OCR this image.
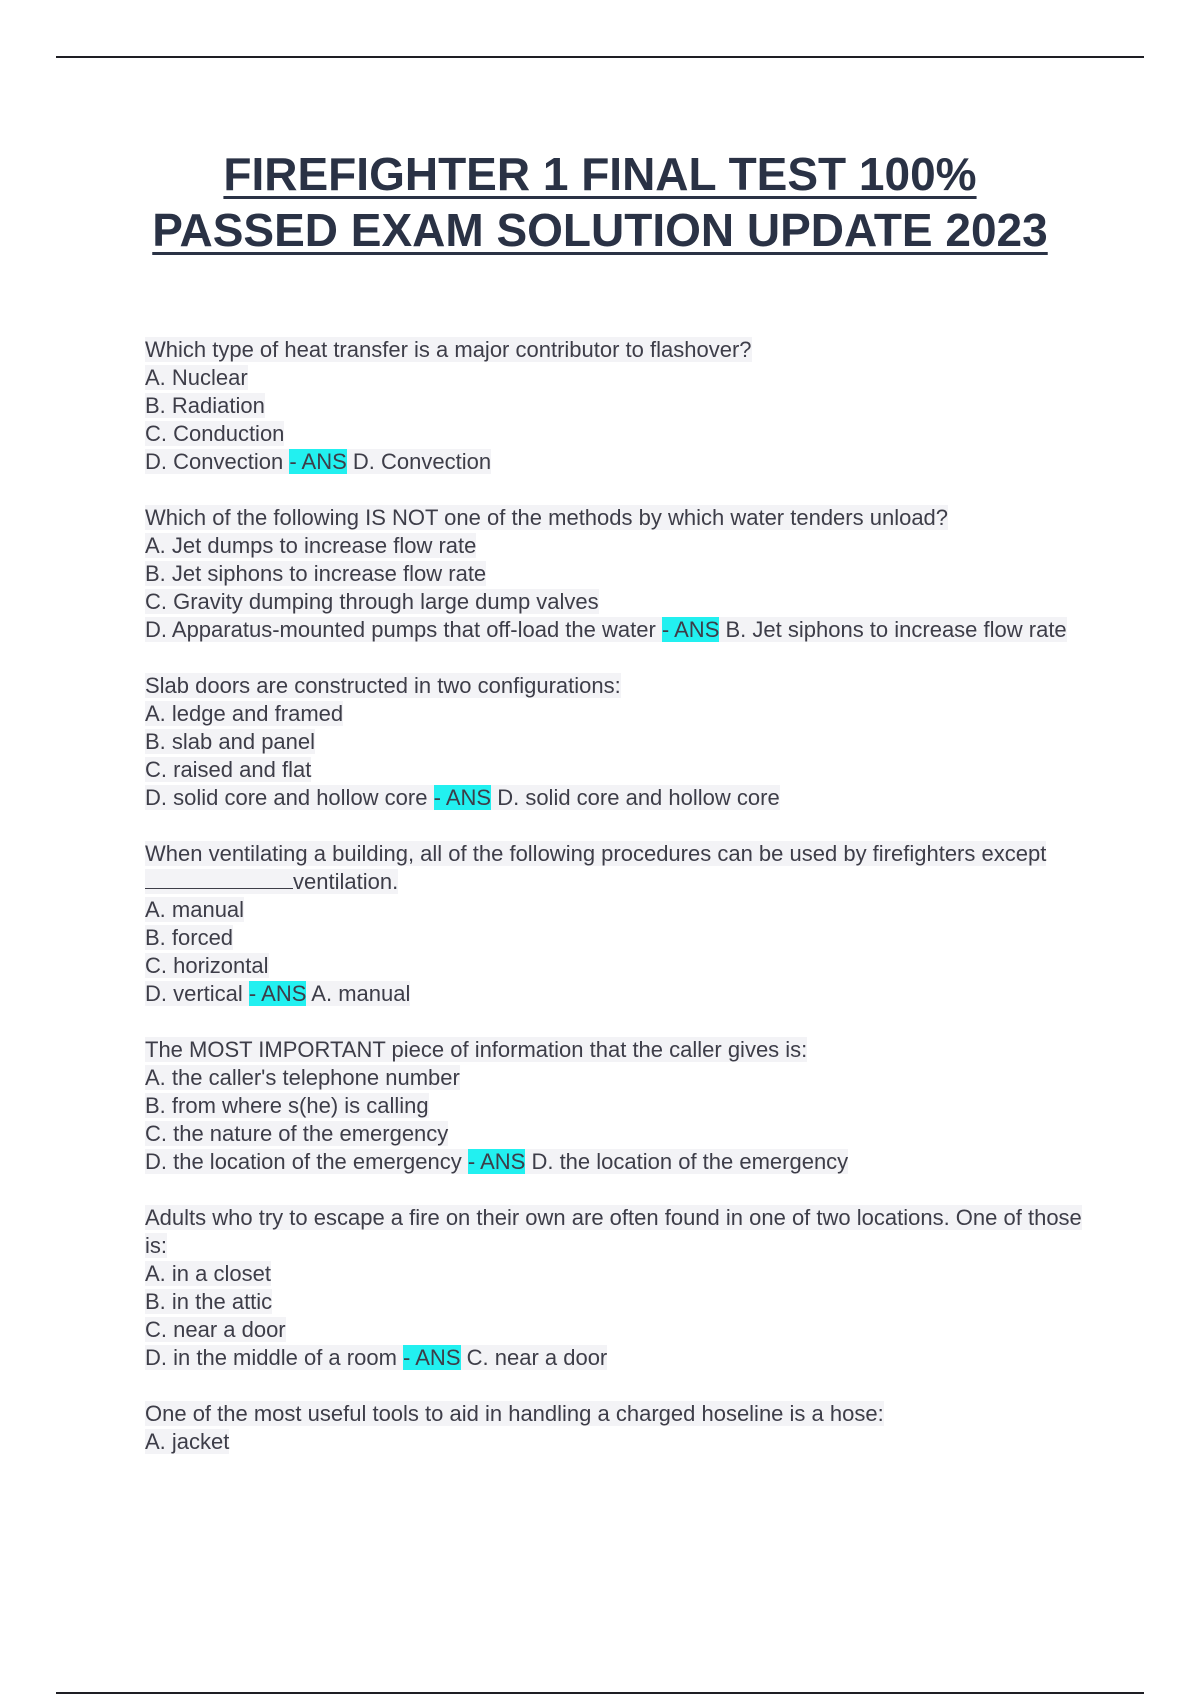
FIREFIGHTER 1 FINAL TEST 100%
PASSED EXAM SOLUTION UPDATE 2023
Which type of heat transfer is a major contributor to flashover?
A. Nuclear
B. Radiation
C. Conduction
D. Convection - ANS D. Convection
Which of the following IS NOT one of the methods by which water tenders unload?
A. Jet dumps to increase flow rate
B. Jet siphons to increase flow rate
C. Gravity dumping through large dump valves
D. Apparatus-mounted pumps that off-load the water - ANS B. Jet siphons to increase flow rate
Slab doors are constructed in two configurations:
A. ledge and framed
B. slab and panel
C. raised and flat
D. solid core and hollow core - ANS D. solid core and hollow core
When ventilating a building, all of the following procedures can be used by firefighters exceptventilation.
A. manual
B. forced
C. horizontal
D. vertical - ANS A. manual
The MOST IMPORTANT piece of information that the caller gives is:
A. the caller's telephone number
B. from where s(he) is calling
C. the nature of the emergency
D. the location of the emergency - ANS D. the location of the emergency
Adults who try to escape a fire on their own are often found in one of two locations. One of those is:
A. in a closet
B. in the attic
C. near a door
D. in the middle of a room - ANS C. near a door
One of the most useful tools to aid in handling a charged hoseline is a hose:
A. jacket
